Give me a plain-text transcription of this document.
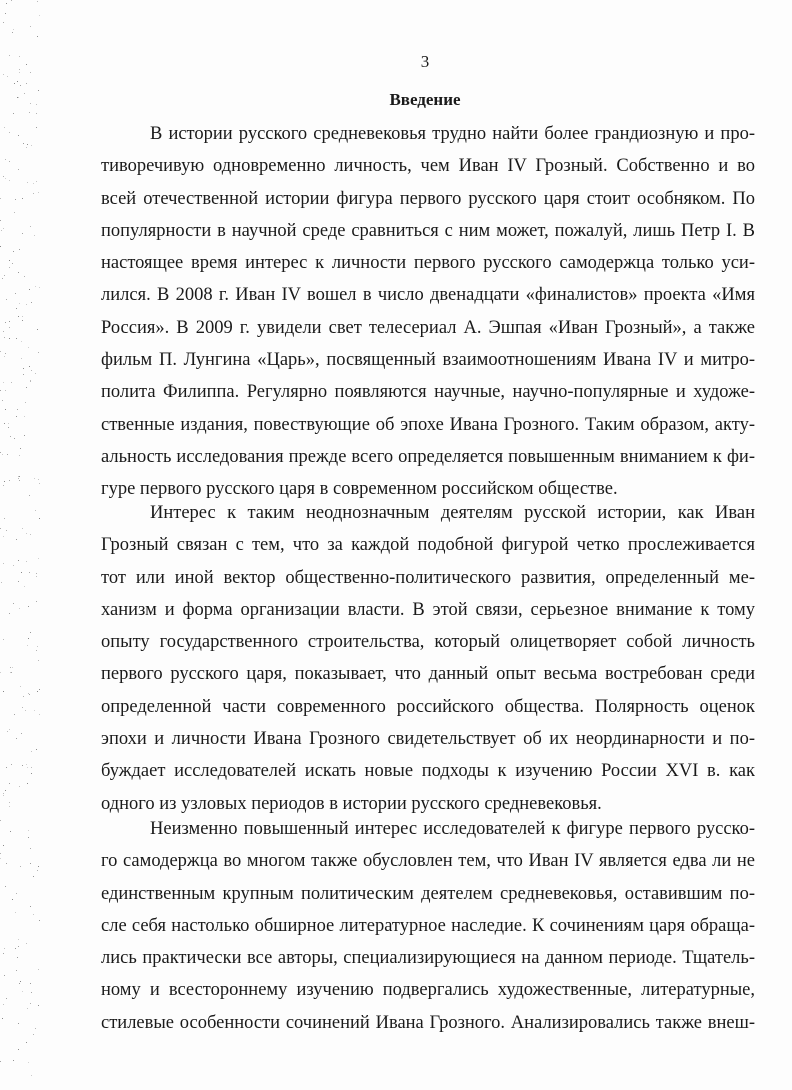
3
Введение
В истории русского средневековья трудно найти более грандиозную и про-
тиворечивую одновременно личность, чем Иван IV Грозный. Собственно и во
всей отечественной истории фигура первого русского царя стоит особняком. По
популярности в научной среде сравниться с ним может, пожалуй, лишь Петр I. В
настоящее время интерес к личности первого русского самодержца только уси-
лился. В 2008 г. Иван IV вошел в число двенадцати «финалистов» проекта «Имя
Россия». В 2009 г. увидели свет телесериал А. Эшпая «Иван Грозный», а также
фильм П. Лунгина «Царь», посвященный взаимоотношениям Ивана IV и митро-
полита Филиппа. Регулярно появляются научные, научно-популярные и художе-
ственные издания, повествующие об эпохе Ивана Грозного. Таким образом, акту-
альность исследования прежде всего определяется повышенным вниманием к фи-
гуре первого русского царя в современном российском обществе.
Интерес к таким неоднозначным деятелям русской истории, как Иван
Грозный связан с тем, что за каждой подобной фигурой четко прослеживается
тот или иной вектор общественно-политического развития, определенный ме-
ханизм и форма организации власти. В этой связи, серьезное внимание к тому
опыту государственного строительства, который олицетворяет собой личность
первого русского царя, показывает, что данный опыт весьма востребован среди
определенной части современного российского общества. Полярность оценок
эпохи и личности Ивана Грозного свидетельствует об их неординарности и по-
буждает исследователей искать новые подходы к изучению России XVI в. как
одного из узловых периодов в истории русского средневековья.
Неизменно повышенный интерес исследователей к фигуре первого русско-
го самодержца во многом также обусловлен тем, что Иван IV является едва ли не
единственным крупным политическим деятелем средневековья, оставившим по-
сле себя настолько обширное литературное наследие. К сочинениям царя обраща-
лись практически все авторы, специализирующиеся на данном периоде. Тщатель-
ному и всестороннему изучению подвергались художественные, литературные,
стилевые особенности сочинений Ивана Грозного. Анализировались также внеш-
